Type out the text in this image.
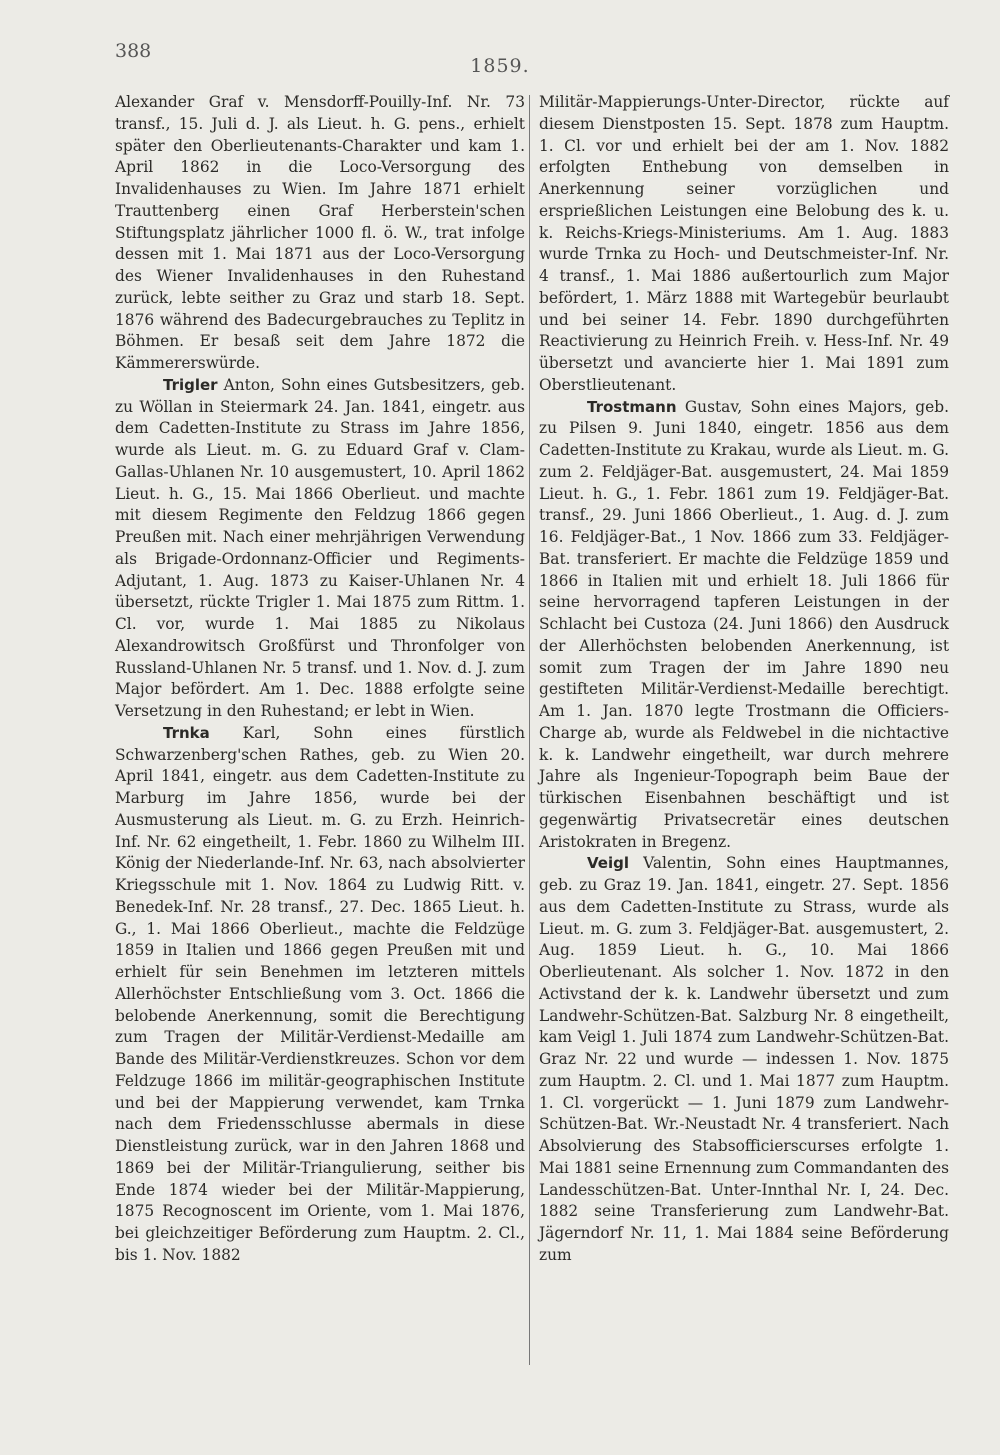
388
1859.

Alexander Graf v. Mensdorff-Pouilly-Inf. Nr. 73 transf., 15. Juli d. J. als Lieut. h. G. pens., erhielt später den Oberlieutenants-Charakter und kam 1. April 1862 in die Loco-Versorgung des Invalidenhauses zu Wien. Im Jahre 1871 erhielt Trauttenberg einen Graf Herberstein'schen Stiftungsplatz jährlicher 1000 fl. ö. W., trat infolge dessen mit 1. Mai 1871 aus der Loco-Versorgung des Wiener Invalidenhauses in den Ruhestand zurück, lebte seither zu Graz und starb 18. Sept. 1876 während des Badecurgebrauches zu Teplitz in Böhmen. Er besaß seit dem Jahre 1872 die Kämmererswürde.

Trigler Anton, Sohn eines Gutsbesitzers, geb. zu Wöllan in Steiermark 24. Jan. 1841, eingetr. aus dem Cadetten-Institute zu Strass im Jahre 1856, wurde als Lieut. m. G. zu Eduard Graf v. Clam-Gallas-Uhlanen Nr. 10 ausgemustert, 10. April 1862 Lieut. h. G., 15. Mai 1866 Oberlieut. und machte mit diesem Regimente den Feldzug 1866 gegen Preußen mit. Nach einer mehrjährigen Verwendung als Brigade-Ordonnanz-Officier und Regiments-Adjutant, 1. Aug. 1873 zu Kaiser-Uhlanen Nr. 4 übersetzt, rückte Trigler 1. Mai 1875 zum Rittm. 1. Cl. vor, wurde 1. Mai 1885 zu Nikolaus Alexandrowitsch Großfürst und Thronfolger von Russland-Uhlanen Nr. 5 transf. und 1. Nov. d. J. zum Major befördert. Am 1. Dec. 1888 erfolgte seine Versetzung in den Ruhestand; er lebt in Wien.

Trnka Karl, Sohn eines fürstlich Schwarzenberg'schen Rathes, geb. zu Wien 20. April 1841, eingetr. aus dem Cadetten-Institute zu Marburg im Jahre 1856, wurde bei der Ausmusterung als Lieut. m. G. zu Erzh. Heinrich-Inf. Nr. 62 eingetheilt, 1. Febr. 1860 zu Wilhelm III. König der Niederlande-Inf. Nr. 63, nach absolvierter Kriegsschule mit 1. Nov. 1864 zu Ludwig Ritt. v. Benedek-Inf. Nr. 28 transf., 27. Dec. 1865 Lieut. h. G., 1. Mai 1866 Oberlieut., machte die Feldzüge 1859 in Italien und 1866 gegen Preußen mit und erhielt für sein Benehmen im letzteren mittels Allerhöchster Entschließung vom 3. Oct. 1866 die belobende Anerkennung, somit die Berechtigung zum Tragen der Militär-Verdienst-Medaille am Bande des Militär-Verdienstkreuzes. Schon vor dem Feldzuge 1866 im militär-geographischen Institute und bei der Mappierung verwendet, kam Trnka nach dem Friedensschlusse abermals in diese Dienstleistung zurück, war in den Jahren 1868 und 1869 bei der Militär-Triangulierung, seither bis Ende 1874 wieder bei der Militär-Mappierung, 1875 Recognoscent im Oriente, vom 1. Mai 1876, bei gleichzeitiger Beförderung zum Hauptm. 2. Cl., bis 1. Nov. 1882

Militär-Mappierungs-Unter-Director, rückte auf diesem Dienstposten 15. Sept. 1878 zum Hauptm. 1. Cl. vor und erhielt bei der am 1. Nov. 1882 erfolgten Enthebung von demselben in Anerkennung seiner vorzüglichen und ersprießlichen Leistungen eine Belobung des k. u. k. Reichs-Kriegs-Ministeriums. Am 1. Aug. 1883 wurde Trnka zu Hoch- und Deutschmeister-Inf. Nr. 4 transf., 1. Mai 1886 außertourlich zum Major befördert, 1. März 1888 mit Wartegebür beurlaubt und bei seiner 14. Febr. 1890 durchgeführten Reactivierung zu Heinrich Freih. v. Hess-Inf. Nr. 49 übersetzt und avancierte hier 1. Mai 1891 zum Oberstlieutenant.

Trostmann Gustav, Sohn eines Majors, geb. zu Pilsen 9. Juni 1840, eingetr. 1856 aus dem Cadetten-Institute zu Krakau, wurde als Lieut. m. G. zum 2. Feldjäger-Bat. ausgemustert, 24. Mai 1859 Lieut. h. G., 1. Febr. 1861 zum 19. Feldjäger-Bat. transf., 29. Juni 1866 Oberlieut., 1. Aug. d. J. zum 16. Feldjäger-Bat., 1 Nov. 1866 zum 33. Feldjäger-Bat. transferiert. Er machte die Feldzüge 1859 und 1866 in Italien mit und erhielt 18. Juli 1866 für seine hervorragend tapferen Leistungen in der Schlacht bei Custoza (24. Juni 1866) den Ausdruck der Allerhöchsten belobenden Anerkennung, ist somit zum Tragen der im Jahre 1890 neu gestifteten Militär-Verdienst-Medaille berechtigt. Am 1. Jan. 1870 legte Trostmann die Officiers-Charge ab, wurde als Feldwebel in die nichtactive k. k. Landwehr eingetheilt, war durch mehrere Jahre als Ingenieur-Topograph beim Baue der türkischen Eisenbahnen beschäftigt und ist gegenwärtig Privatsecretär eines deutschen Aristokraten in Bregenz.

Veigl Valentin, Sohn eines Hauptmannes, geb. zu Graz 19. Jan. 1841, eingetr. 27. Sept. 1856 aus dem Cadetten-Institute zu Strass, wurde als Lieut. m. G. zum 3. Feldjäger-Bat. ausgemustert, 2. Aug. 1859 Lieut. h. G., 10. Mai 1866 Oberlieutenant. Als solcher 1. Nov. 1872 in den Activstand der k. k. Landwehr übersetzt und zum Landwehr-Schützen-Bat. Salzburg Nr. 8 eingetheilt, kam Veigl 1. Juli 1874 zum Landwehr-Schützen-Bat. Graz Nr. 22 und wurde — indessen 1. Nov. 1875 zum Hauptm. 2. Cl. und 1. Mai 1877 zum Hauptm. 1. Cl. vorgerückt — 1. Juni 1879 zum Landwehr-Schützen-Bat. Wr.-Neustadt Nr. 4 transferiert. Nach Absolvierung des Stabsofficierscurses erfolgte 1. Mai 1881 seine Ernennung zum Commandanten des Landesschützen-Bat. Unter-Innthal Nr. I, 24. Dec. 1882 seine Transferierung zum Landwehr-Bat. Jägerndorf Nr. 11, 1. Mai 1884 seine Beförderung zum
